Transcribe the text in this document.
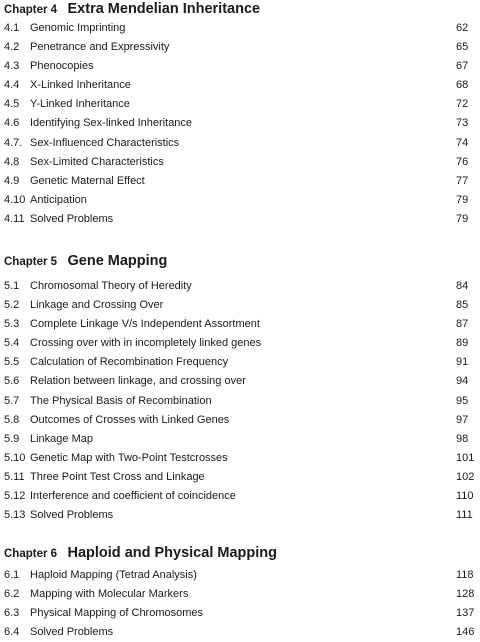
Chapter 4 Extra Mendelian Inheritance
4.1 Genomic Imprinting	62
4.2 Penetrance and Expressivity	65
4.3 Phenocopies	67
4.4 X-Linked Inheritance	68
4.5 Y-Linked Inheritance	72
4.6 Identifying Sex-linked Inheritance	73
4.7. Sex-Influenced Characteristics	74
4.8 Sex-Limited Characteristics	76
4.9 Genetic Maternal Effect	77
4.10 Anticipation	79
4.11 Solved Problems	79
Chapter 5 Gene Mapping
5.1 Chromosomal Theory of Heredity	84
5.2 Linkage and Crossing Over	85
5.3 Complete Linkage V/s Independent Assortment	87
5.4 Crossing over with in incompletely linked genes	89
5.5 Calculation of Recombination Frequency	91
5.6 Relation between linkage, and crossing over	94
5.7 The Physical Basis of Recombination	95
5.8 Outcomes of Crosses with Linked Genes	97
5.9 Linkage Map	98
5.10 Genetic Map with Two-Point Testcrosses	101
5.11 Three Point Test Cross and Linkage	102
5.12 Interference and coefficient of coincidence	110
5.13 Solved Problems	111
Chapter 6 Haploid and Physical Mapping
6.1 Haploid Mapping (Tetrad Analysis)	118
6.2 Mapping with Molecular Markers	128
6.3 Physical Mapping of Chromosomes	137
6.4 Solved Problems	146
